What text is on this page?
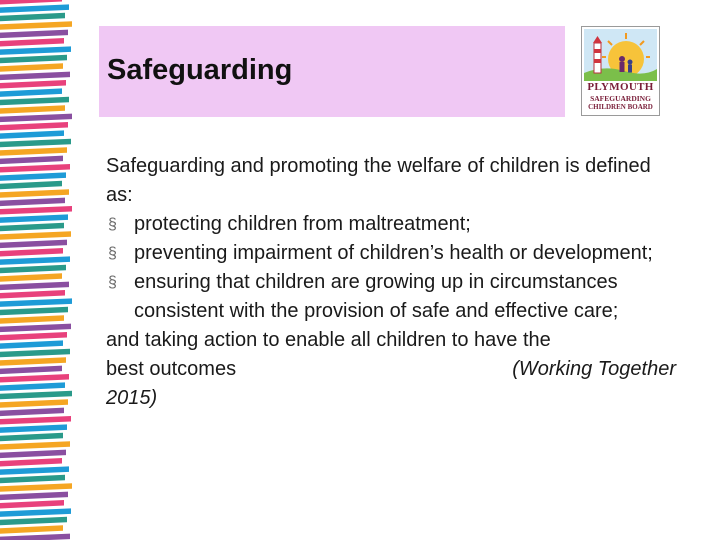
Safeguarding
PLYMOUTH
SAFEGUARDING
CHILDREN BOARD

Safeguarding and promoting the welfare of children is defined as:

§ protecting children from maltreatment;
§ preventing impairment of children’s health or development;
§ ensuring that children are growing up in circumstances consistent with the provision of safe and effective care;

and taking action to enable all children to have the

best outcomes	(Working Together

2015)
